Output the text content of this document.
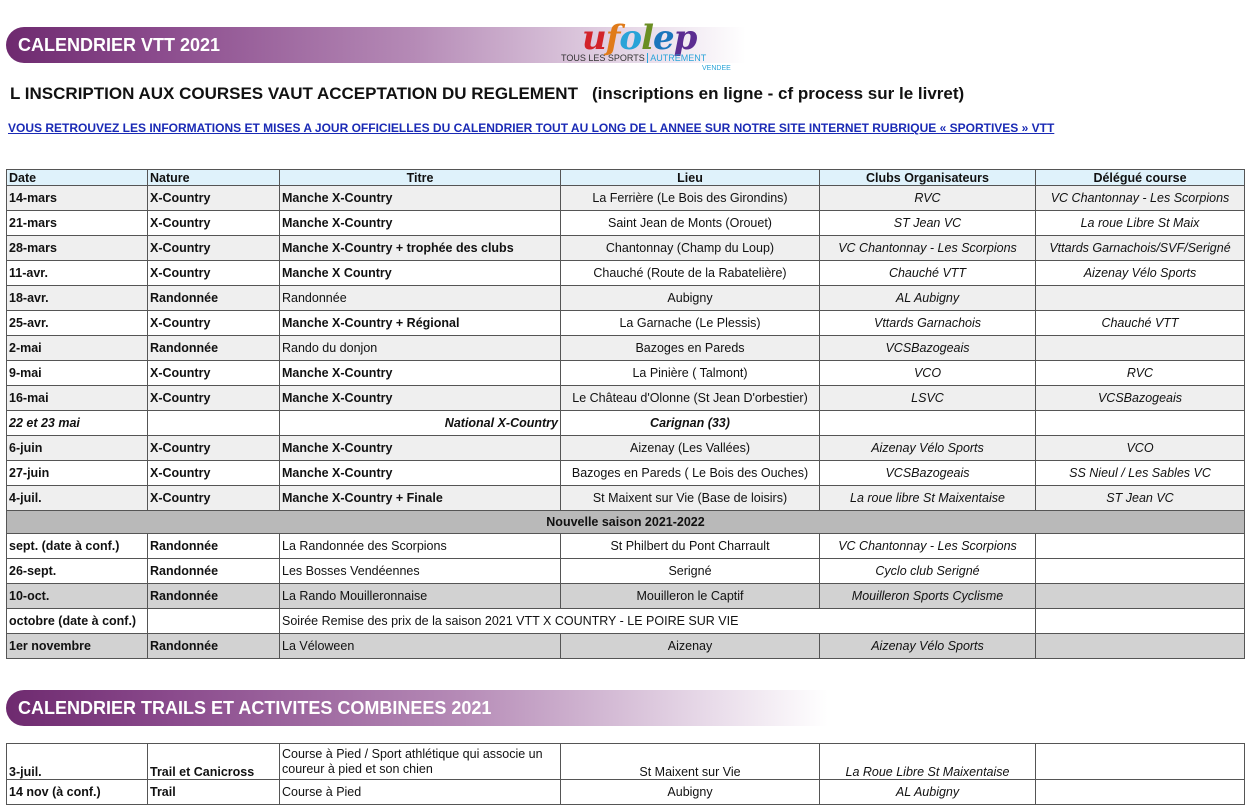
CALENDRIER VTT 2021	ufolep
TOUS LES SPORTS AUTREMENT
VENDEE
L INSCRIPTION AUX COURSES VAUT ACCEPTATION DU REGLEMENT (inscriptions en ligne - cf process sur le livret)
VOUS RETROUVEZ LES INFORMATIONS ET MISES A JOUR OFFICIELLES DU CALENDRIER TOUT AU LONG DE L ANNEE SUR NOTRE SITE INTERNET RUBRIQUE « SPORTIVES » VTT
Date	Nature	Titre	Lieu	Clubs Organisateurs	Délégué course
14-mars	X-Country	Manche X-Country	La Ferrière (Le Bois des Girondins)	RVC	VC Chantonnay - Les Scorpions
21-mars	X-Country	Manche X-Country	Saint Jean de Monts (Orouet)	ST Jean VC	La roue Libre St Maix
28-mars	X-Country	Manche X-Country + trophée des clubs	Chantonnay (Champ du Loup)	VC Chantonnay - Les Scorpions	Vttards Garnachois/SVF/Serigné
11-avr.	X-Country	Manche X Country	Chauché (Route de la Rabatelière)	Chauché VTT	Aizenay Vélo Sports
18-avr.	Randonnée	Randonnée	Aubigny	AL Aubigny	
25-avr.	X-Country	Manche X-Country + Régional	La Garnache (Le Plessis)	Vttards Garnachois	Chauché VTT
2-mai	Randonnée	Rando du donjon	Bazoges en Pareds	VCSBazogeais	
9-mai	X-Country	Manche X-Country	La Pinière ( Talmont)	VCO	RVC
16-mai	X-Country	Manche X-Country	Le Château d'Olonne (St Jean D'orbestier)	LSVC	VCSBazogeais
22 et 23 mai		National X-Country	Carignan (33)		
6-juin	X-Country	Manche X-Country	Aizenay (Les Vallées)	Aizenay Vélo Sports	VCO
27-juin	X-Country	Manche X-Country	Bazoges en Pareds ( Le Bois des Ouches)	VCSBazogeais	SS Nieul / Les Sables VC
4-juil.	X-Country	Manche X-Country + Finale	St Maixent sur Vie (Base de loisirs)	La roue libre St Maixentaise	ST Jean VC
Nouvelle saison 2021-2022					
sept. (date à conf.)	Randonnée	La Randonnée des Scorpions	St Philbert du Pont Charrault	VC Chantonnay - Les Scorpions	
26-sept.	Randonnée	Les Bosses Vendéennes	Serigné	Cyclo club Serigné	
10-oct.	Randonnée	La Rando Mouilleronnaise	Mouilleron le Captif	Mouilleron Sports Cyclisme	
octobre (date à conf.)		Soirée Remise des prix de la saison 2021 VTT X COUNTRY - LE POIRE SUR VIE			
1er novembre	Randonnée	La Véloween	Aizenay	Aizenay Vélo Sports	
CALENDRIER TRAILS ET ACTIVITES COMBINEES 2021
3-juil.	Trail et Canicross	Course à Pied / Sport athlétique qui associe un coureur à pied et son chien	St Maixent sur Vie	La Roue Libre St Maixentaise	
14 nov (à conf.)	Trail	Course à Pied	Aubigny	AL Aubigny	
